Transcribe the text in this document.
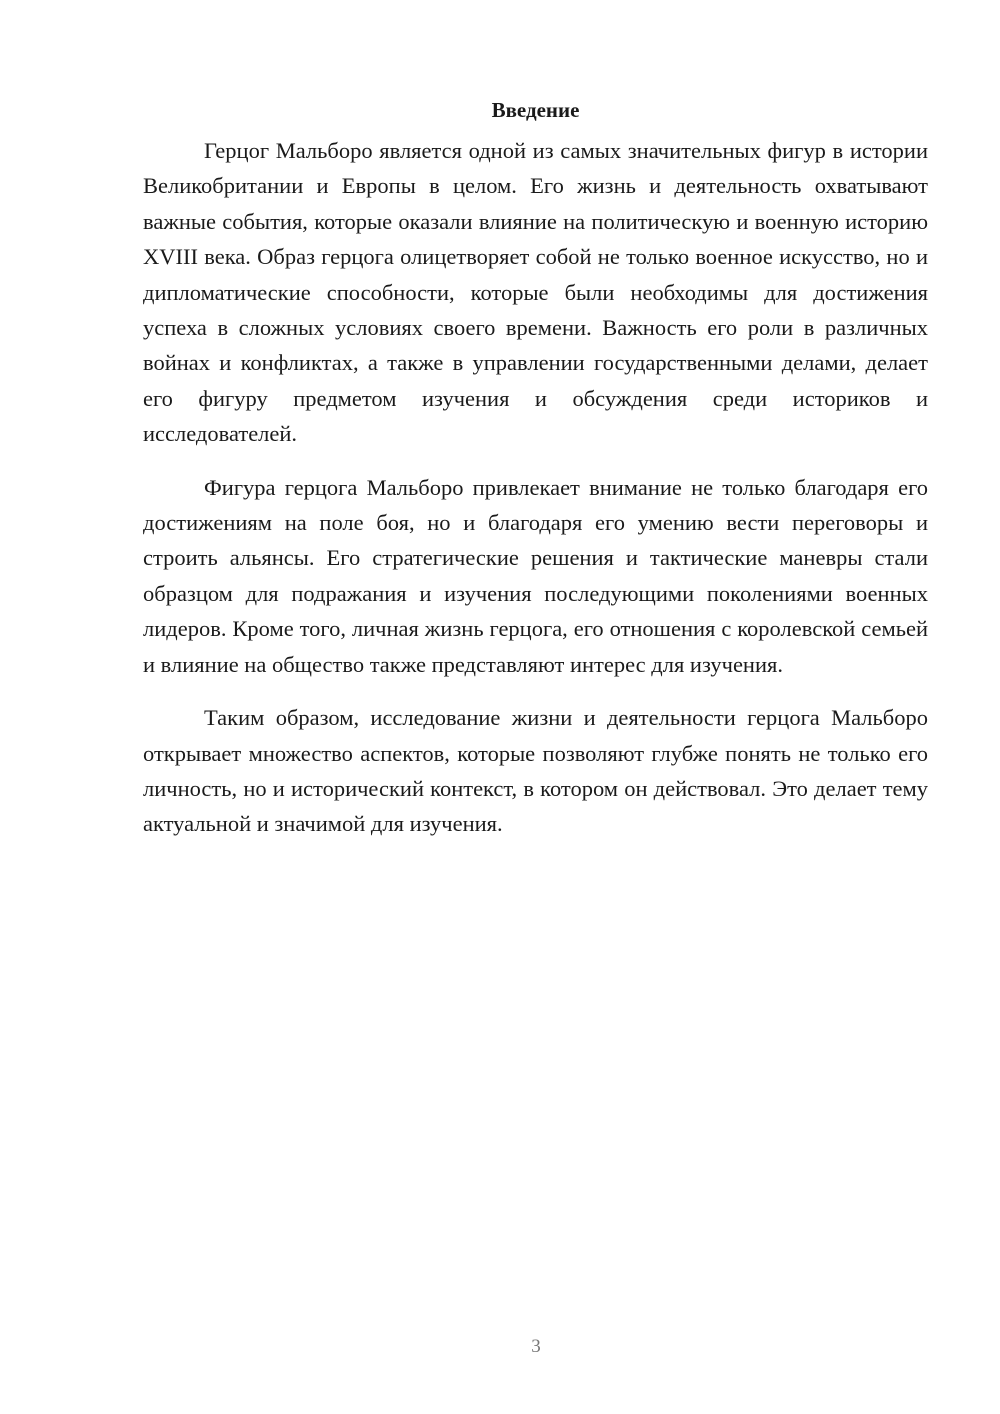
Введение

Герцог Мальборо является одной из самых значительных фигур в истории Великобритании и Европы в целом. Его жизнь и деятельность охватывают важные события, которые оказали влияние на политическую и военную историю XVIII века. Образ герцога олицетворяет собой не только военное искусство, но и дипломатические способности, которые были необходимы для достижения успеха в сложных условиях своего времени. Важность его роли в различных войнах и конфликтах, а также в управлении государственными делами, делает его фигуру предметом изучения и обсуждения среди историков и исследователей.

Фигура герцога Мальборо привлекает внимание не только благодаря его достижениям на поле боя, но и благодаря его умению вести переговоры и строить альянсы. Его стратегические решения и тактические маневры стали образцом для подражания и изучения последующими поколениями военных лидеров. Кроме того, личная жизнь герцога, его отношения с королевской семьей и влияние на общество также представляют интерес для изучения.

Таким образом, исследование жизни и деятельности герцога Мальборо открывает множество аспектов, которые позволяют глубже понять не только его личность, но и исторический контекст, в котором он действовал. Это делает тему актуальной и значимой для изучения.

3
